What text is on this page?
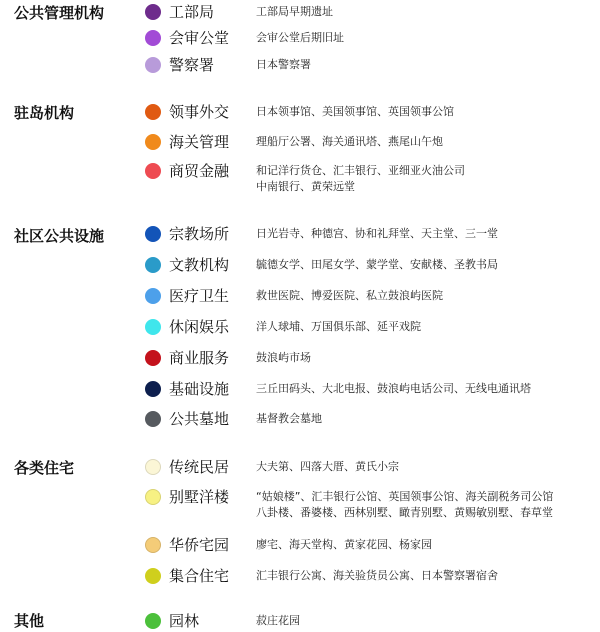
公共管理机构	工部局	工部局早期遗址
会审公堂 会审公堂后期旧址
警察署	日本警察署
驻岛机构	领事外交 日本领事馆、美国领事馆、英国领事公馆
海关管理 理船厅公署、海关通讯塔、燕尾山午炮
商贸金融 和记洋行货仓、汇丰银行、亚细亚火油公司
中南银行、黄荣远堂
社区公共设施	宗教场所 日光岩寺、种德宫、协和礼拜堂、天主堂、三一堂
文教机构 毓德女学、田尾女学、蒙学堂、安献楼、圣教书局
医疗卫生 救世医院、博爱医院、私立鼓浪屿医院
休闲娱乐 洋人球埔、万国俱乐部、延平戏院
商业服务 鼓浪屿市场
基础设施 三丘田码头、大北电报、鼓浪屿电话公司、无线电通讯塔
公共墓地 基督教会墓地
各类住宅	传统民居 大夫第、四落大厝、黄氏小宗
别墅洋楼 “姑娘楼”、汇丰银行公馆、英国领事公馆、海关副税务司公馆
八卦楼、番婆楼、西林别墅、瞰青别墅、黄赐敏别墅、春草堂
华侨宅园 廖宅、海天堂构、黄家花园、杨家园
集合住宅 汇丰银行公寓、海关验货员公寓、日本警察署宿舍
其他	园林	菽庄花园
